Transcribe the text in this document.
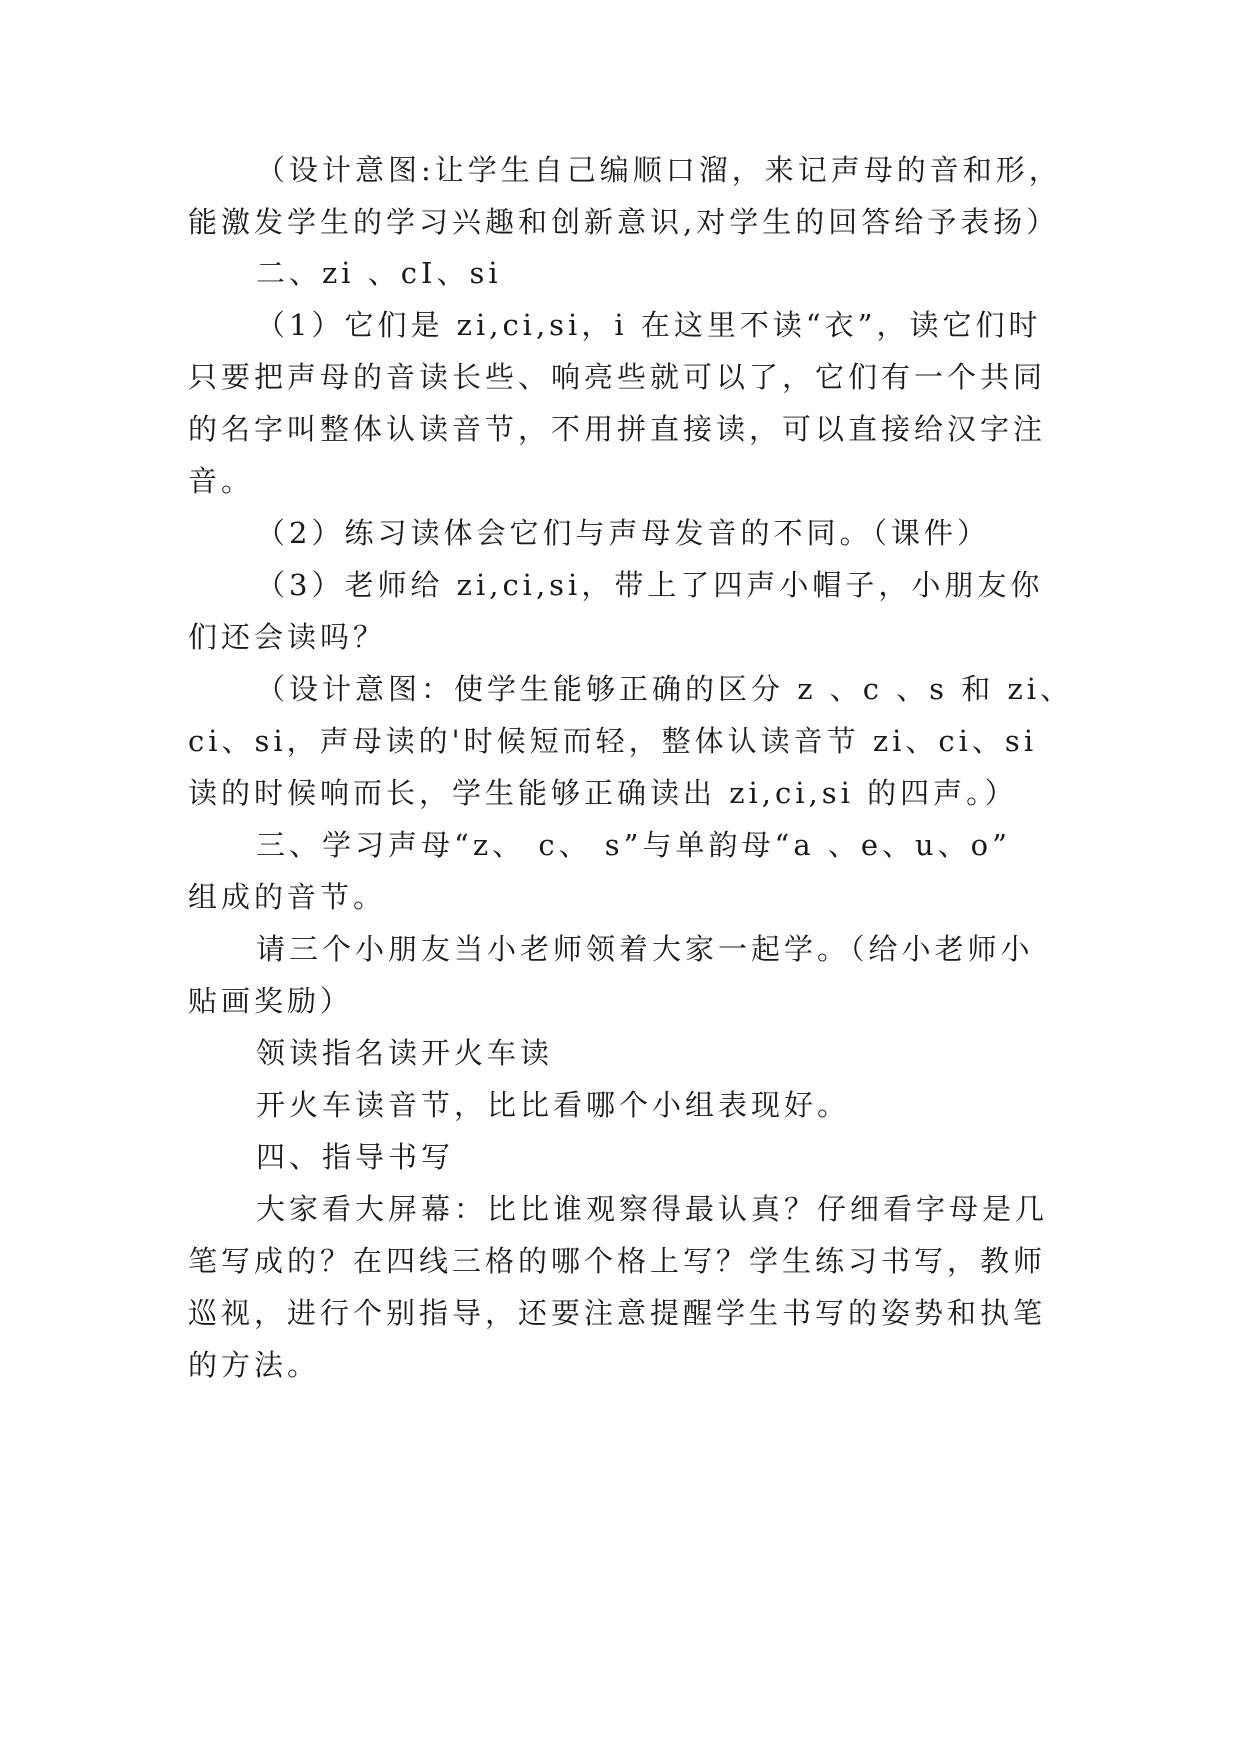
（设计意图:让学生自己编顺口溜，来记声母的音和形，
能激发学生的学习兴趣和创新意识,对学生的回答给予表扬）
二、zi 、cI、si
（1）它们是 zi,ci,si，i 在这里不读“衣”，读它们时
只要把声母的音读长些、响亮些就可以了，它们有一个共同
的名字叫整体认读音节，不用拼直接读，可以直接给汉字注
音。
（2）练习读体会它们与声母发音的不同。（课件）
（3）老师给 zi,ci,si，带上了四声小帽子，小朋友你
们还会读吗？
（设计意图：使学生能够正确的区分 z 、c 、s 和 zi、
ci、si，声母读的'时候短而轻，整体认读音节 zi、ci、si
读的时候响而长，学生能够正确读出 zi,ci,si 的四声。）
三、学习声母“z、 c、 s”与单韵母“a 、e、u、o”
组成的音节。
请三个小朋友当小老师领着大家一起学。（给小老师小
贴画奖励）
领读指名读开火车读
开火车读音节，比比看哪个小组表现好。
四、指导书写
大家看大屏幕：比比谁观察得最认真？仔细看字母是几
笔写成的？在四线三格的哪个格上写？学生练习书写，教师
巡视，进行个别指导，还要注意提醒学生书写的姿势和执笔
的方法。
